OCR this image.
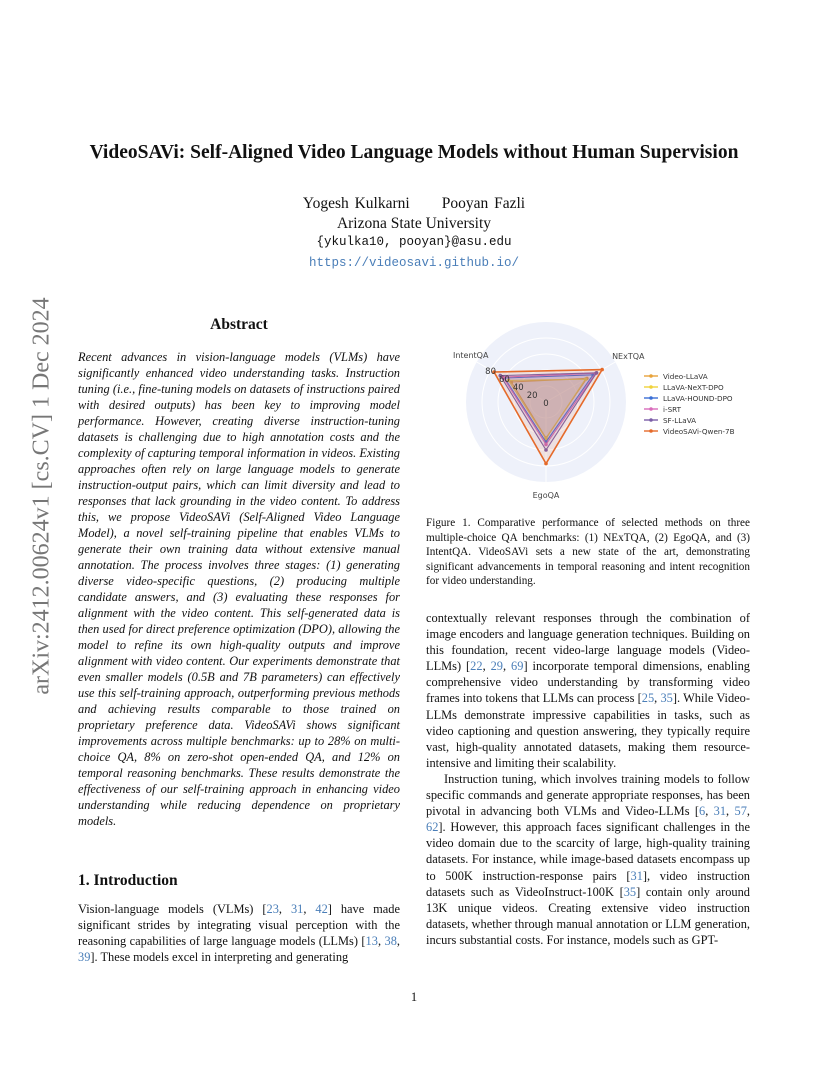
arXiv:2412.00624v1 [cs.CV] 1 Dec 2024
VideoSAVi: Self-Aligned Video Language Models without Human Supervision
Yogesh Kulkarni Pooyan Fazli
Arizona State University
{ykulka10, pooyan}@asu.edu
https://videosavi.github.io/
Abstract

Recent advances in vision-language models (VLMs) have significantly enhanced video understanding tasks. Instruction tuning (i.e., fine-tuning models on datasets of instructions paired with desired outputs) has been key to improving model performance. However, creating diverse instruction-tuning datasets is challenging due to high annotation costs and the complexity of capturing temporal information in videos. Existing approaches often rely on large language models to generate instruction-output pairs, which can limit diversity and lead to responses that lack grounding in the video content. To address this, we propose VideoSAVi (Self-Aligned Video Language Model), a novel self-training pipeline that enables VLMs to generate their own training data without extensive manual annotation. The process involves three stages: (1) generating diverse video-specific questions, (2) producing multiple candidate answers, and (3) evaluating these responses for alignment with the video content. This self-generated data is then used for direct preference optimization (DPO), allowing the model to refine its own high-quality outputs and improve alignment with video content. Our experiments demonstrate that even smaller models (0.5B and 7B parameters) can effectively use this self-training approach, outperforming previous methods and achieving results comparable to those trained on proprietary preference data. VideoSAVi shows significant improvements across multiple benchmarks: up to 28% on multi-choice QA, 8% on zero-shot open-ended QA, and 12% on temporal reasoning benchmarks. These results demonstrate the effectiveness of our self-training approach in enhancing video understanding while reducing dependence on proprietary models.

1. Introduction

Vision-language models (VLMs) [23, 31, 42] have made significant strides by integrating visual perception with the reasoning capabilities of large language models (LLMs) [13, 38, 39]. These models excel in interpreting and generating

80
60
40
20
0
NExTQA
EgoQA
IntentQA
Video-LLaVA
LLaVA-NeXT-DPO
LLaVA-HOUND-DPO
i-SRT
SF-LLaVA
VideoSAVi-Qwen-7B

Figure 1. Comparative performance of selected methods on three multiple-choice QA benchmarks: (1) NExTQA, (2) EgoQA, and (3) IntentQA. VideoSAVi sets a new state of the art, demonstrating significant advancements in temporal reasoning and intent recognition for video understanding.

contextually relevant responses through the combination of image encoders and language generation techniques. Building on this foundation, recent video-large language models (Video-LLMs) [22, 29, 69] incorporate temporal dimensions, enabling comprehensive video understanding by transforming video frames into tokens that LLMs can process [25, 35]. While Video-LLMs demonstrate impressive capabilities in tasks, such as video captioning and question answering, they typically require vast, high-quality annotated datasets, making them resource-intensive and limiting their scalability.

Instruction tuning, which involves training models to follow specific commands and generate appropriate responses, has been pivotal in advancing both VLMs and Video-LLMs [6, 31, 57, 62]. However, this approach faces significant challenges in the video domain due to the scarcity of large, high-quality training datasets. For instance, while image-based datasets encompass up to 500K instruction-response pairs [31], video instruction datasets such as VideoInstruct-100K [35] contain only around 13K unique videos. Creating extensive video instruction datasets, whether through manual annotation or LLM generation, incurs substantial costs. For instance, models such as GPT-

1
